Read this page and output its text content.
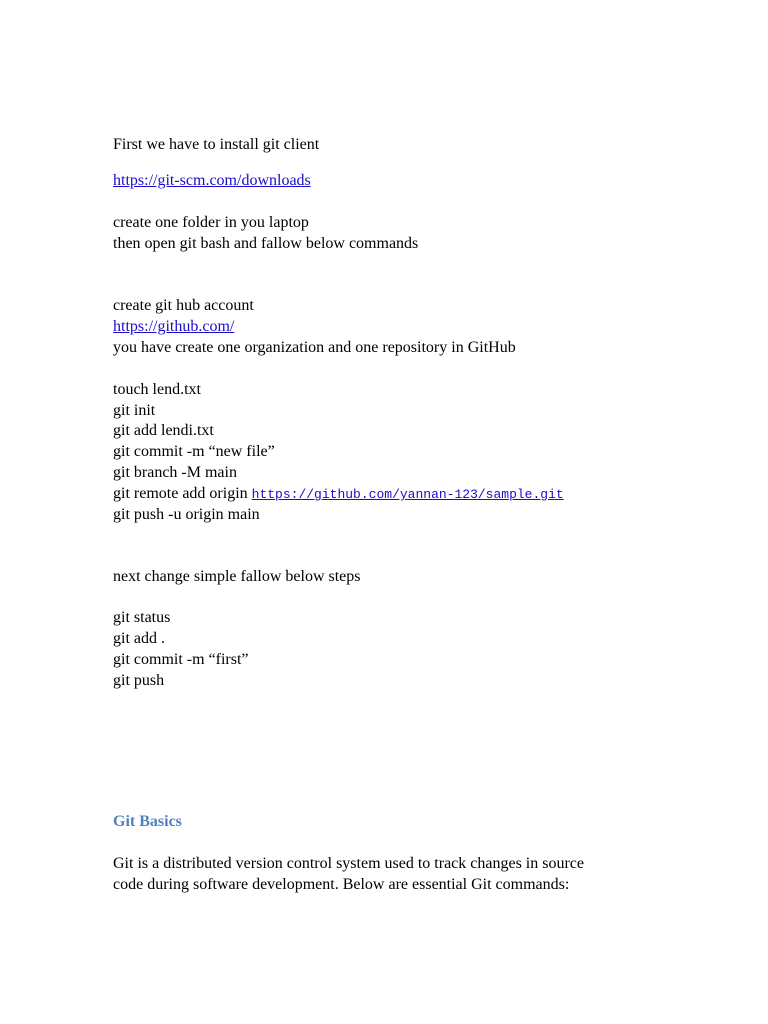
First we have to install git client
https://git-scm.com/downloads
create one folder in you laptop
then open git bash and fallow below commands
create git hub account
https://github.com/
you have create one organization and one repository in GitHub
touch lend.txt
git init
git add lendi.txt
git commit -m “new file”
git branch -M main
git remote add origin https://github.com/yannan-123/sample.git
git push -u origin main
next change simple fallow below steps
git status
git add .
git commit -m “first”
git push
Git Basics
Git is a distributed version control system used to track changes in source
code during software development. Below are essential Git commands:
